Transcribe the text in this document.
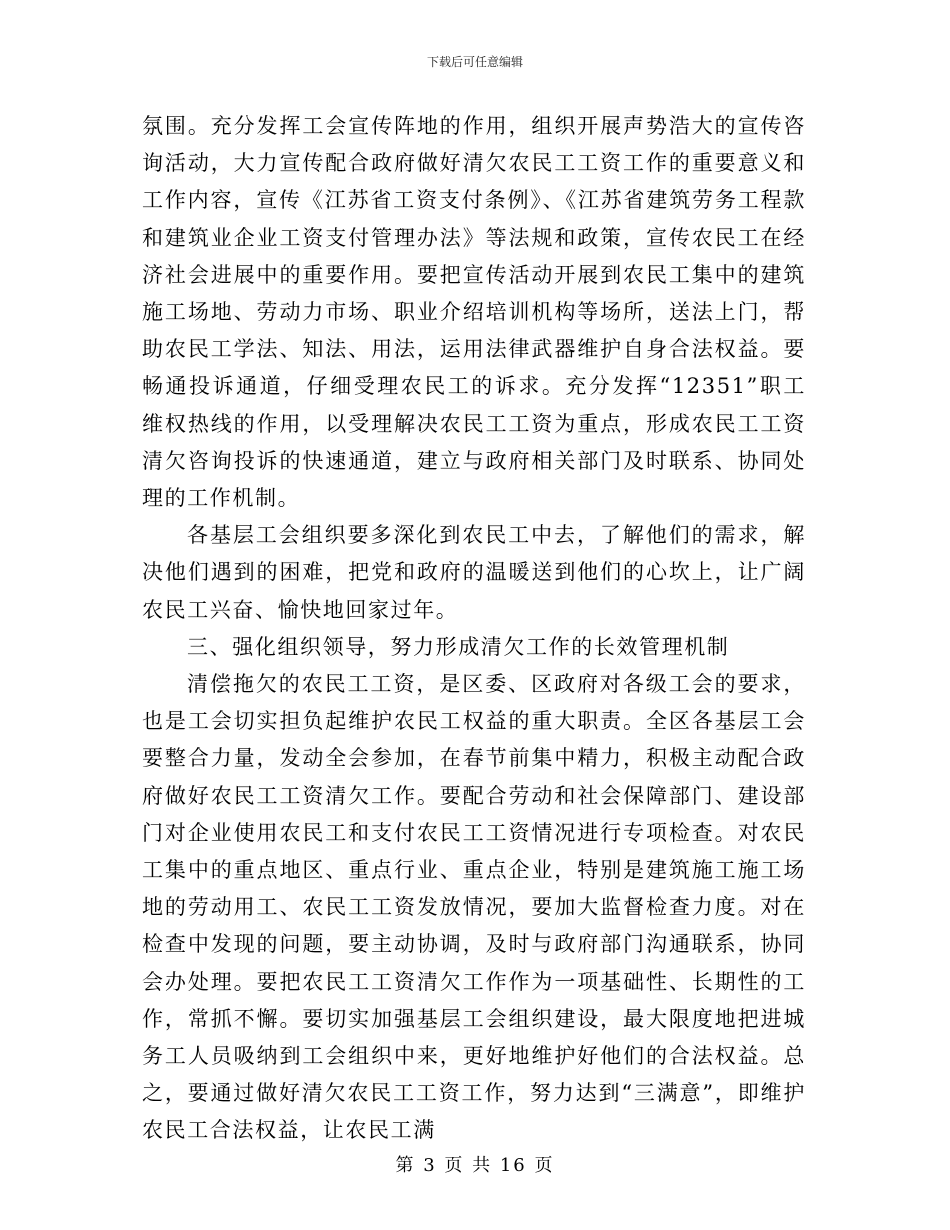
下载后可任意编辑

氛围。充分发挥工会宣传阵地的作用，组织开展声势浩大的宣传咨询活动，大力宣传配合政府做好清欠农民工工资工作的重要意义和工作内容，宣传《江苏省工资支付条例》、《江苏省建筑劳务工程款和建筑业企业工资支付管理办法》等法规和政策，宣传农民工在经济社会进展中的重要作用。要把宣传活动开展到农民工集中的建筑施工场地、劳动力市场、职业介绍培训机构等场所，送法上门，帮助农民工学法、知法、用法，运用法律武器维护自身合法权益。要畅通投诉通道，仔细受理农民工的诉求。充分发挥“12351”职工维权热线的作用，以受理解决农民工工资为重点，形成农民工工资清欠咨询投诉的快速通道，建立与政府相关部门及时联系、协同处理的工作机制。

各基层工会组织要多深化到农民工中去，了解他们的需求，解决他们遇到的困难，把党和政府的温暖送到他们的心坎上，让广阔农民工兴奋、愉快地回家过年。

三、强化组织领导，努力形成清欠工作的长效管理机制

清偿拖欠的农民工工资，是区委、区政府对各级工会的要求，也是工会切实担负起维护农民工权益的重大职责。全区各基层工会要整合力量，发动全会参加，在春节前集中精力，积极主动配合政府做好农民工工资清欠工作。要配合劳动和社会保障部门、建设部门对企业使用农民工和支付农民工工资情况进行专项检查。对农民工集中的重点地区、重点行业、重点企业，特别是建筑施工施工场地的劳动用工、农民工工资发放情况，要加大监督检查力度。对在检查中发现的问题，要主动协调，及时与政府部门沟通联系，协同会办处理。要把农民工工资清欠工作作为一项基础性、长期性的工作，常抓不懈。要切实加强基层工会组织建设，最大限度地把进城务工人员吸纳到工会组织中来，更好地维护好他们的合法权益。总之，要通过做好清欠农民工工资工作，努力达到“三满意”，即维护农民工合法权益，让农民工满

第 3 页 共 16 页
